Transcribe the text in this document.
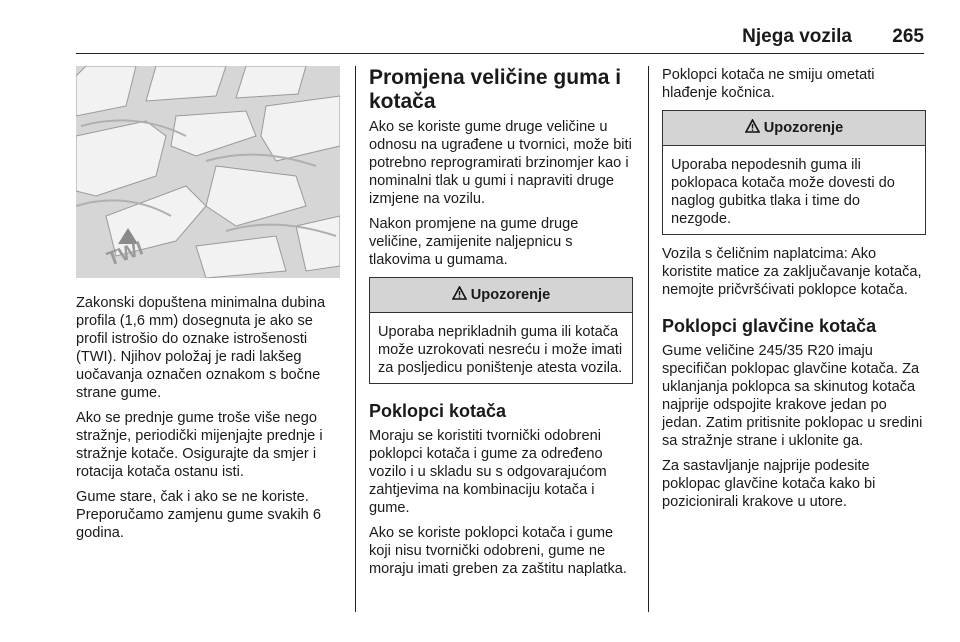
Njega vozila 265
TWI

Zakonski dopuštena minimalna dubina profila (1,6 mm) dosegnuta je ako se profil istrošio do oznake istrošenosti (TWI). Njihov položaj je radi lakšeg uočavanja označen oznakom s bočne strane gume.

Ako se prednje gume troše više nego stražnje, periodički mijenjajte prednje i stražnje kotače. Osigurajte da smjer i rotacija kotača ostanu isti.

Gume stare, čak i ako se ne koriste. Preporučamo zamjenu gume svakih 6 godina.

Promjena veličine guma i kotača

Ako se koriste gume druge veličine u odnosu na ugrađene u tvornici, može biti potrebno reprogramirati brzinomjer kao i nominalni tlak u gumi i napraviti druge izmjene na vozilu.

Nakon promjene na gume druge veličine, zamijenite naljepnicu s tlakovima u gumama.

Upozorenje

Uporaba neprikladnih guma ili kotača može uzrokovati nesreću i može imati za posljedicu poništenje atesta vozila.

Poklopci kotača

Moraju se koristiti tvornički odobreni poklopci kotača i gume za određeno vozilo i u skladu su s odgovarajućom zahtjevima na kombinaciju kotača i gume.

Ako se koriste poklopci kotača i gume koji nisu tvornički odobreni, gume ne moraju imati greben za zaštitu naplatka.

Poklopci kotača ne smiju ometati hlađenje kočnica.

Upozorenje

Uporaba nepodesnih guma ili poklopaca kotača može dovesti do naglog gubitka tlaka i time do nezgode.

Vozila s čeličnim naplatcima: Ako koristite matice za zaključavanje kotača, nemojte pričvršćivati poklopce kotača.

Poklopci glavčine kotača

Gume veličine 245/35 R20 imaju specifičan poklopac glavčine kotača. Za uklanjanja poklopca sa skinutog kotača najprije odspojite krakove jedan po jedan. Zatim pritisnite poklopac u sredini sa stražnje strane i uklonite ga.

Za sastavljanje najprije podesite poklopac glavčine kotača kako bi pozicionirali krakove u utore.
